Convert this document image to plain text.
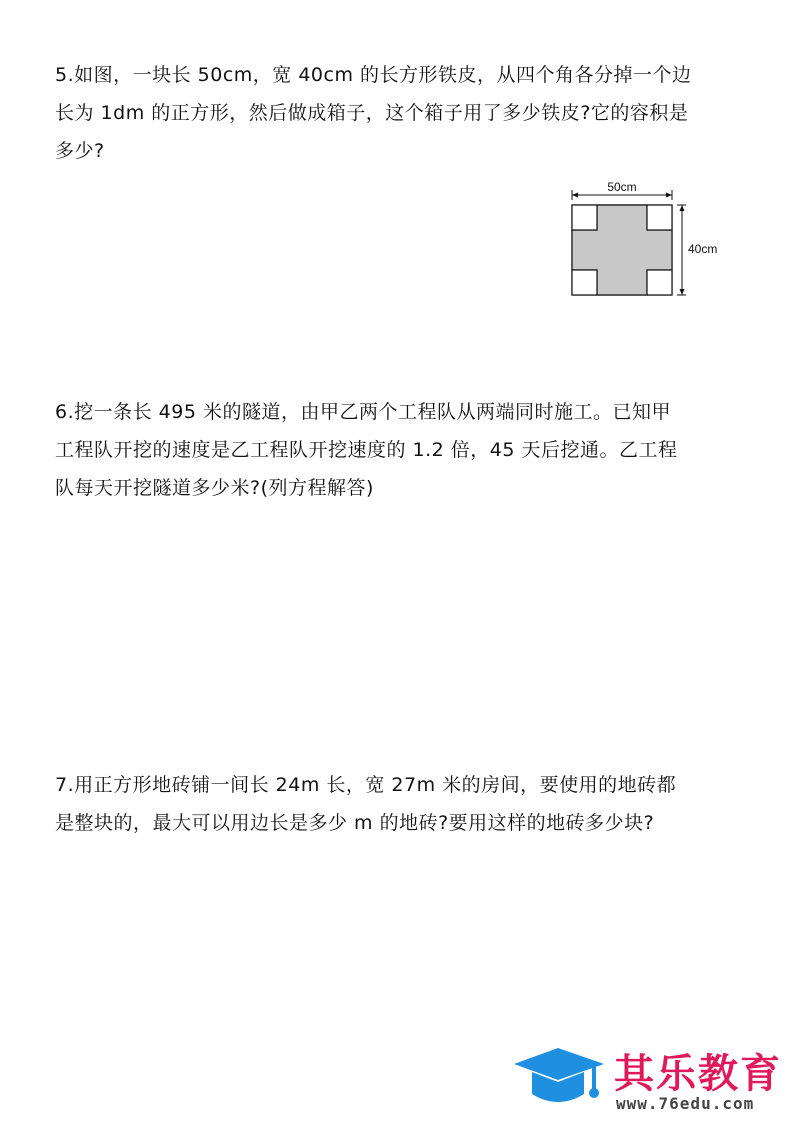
5.如图，一块长 50cm，宽 40cm 的长方形铁皮，从四个角各分掉一个边
长为 1dm 的正方形，然后做成箱子，这个箱子用了多少铁皮?它的容积是
多少?
50cm
40cm
6.挖一条长 495 米的隧道，由甲乙两个工程队从两端同时施工。已知甲
工程队开挖的速度是乙工程队开挖速度的 1.2 倍，45 天后挖通。乙工程
队每天开挖隧道多少米?(列方程解答)
7.用正方形地砖铺一间长 24m 长，宽 27m 米的房间，要使用的地砖都
是整块的，最大可以用边长是多少 m 的地砖?要用这样的地砖多少块?
其乐教育
www.76edu.com
